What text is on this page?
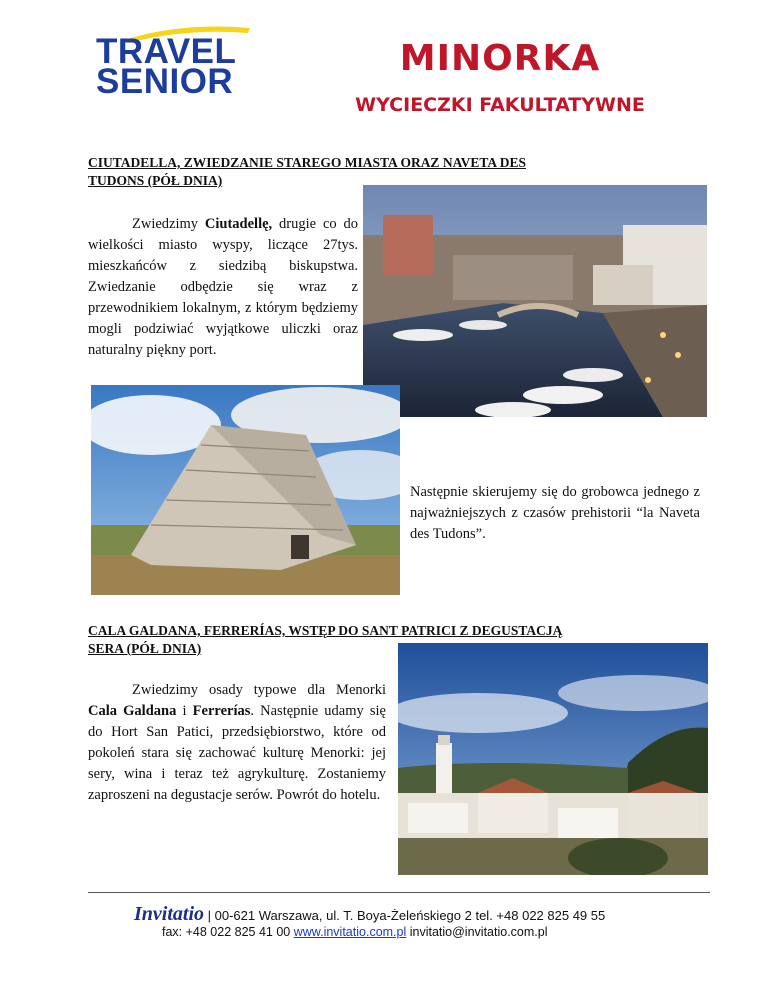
TRAVEL
SENIOR
MINORKA
WYCIECZKI FAKULTATYWNE
CIUTADELLA, ZWIEDZANIE STAREGO MIASTA ORAZ NAVETA DES
TUDONS (PÓŁ DNIA)
Zwiedzimy Ciutadellę, drugie co do wielkości miasto wyspy, liczące 27tys. mieszkańców z siedzibą biskupstwa. Zwiedzanie odbędzie się wraz z przewodnikiem lokalnym, z którym będziemy mogli podziwiać wyjątkowe uliczki oraz naturalny piękny port.
Następnie skierujemy się do grobowca jednego z najważniejszych z czasów prehistorii “la Naveta des Tudons”.
CALA GALDANA, FERRERÍAS, WSTĘP DO SANT PATRICI Z DEGUSTACJĄ
SERA (PÓŁ DNIA)
Zwiedzimy osady typowe dla Menorki Cala Galdana i Ferrerías. Następnie udamy się do Hort San Patici, przedsiębiorstwo, które od pokoleń stara się zachować kulturę Menorki: jej sery, wina i teraz też agrykulturę. Zostaniemy zaproszeni na degustacje serów. Powrót do hotelu.
Invitatio | 00-621 Warszawa, ul. T. Boya-Żeleńskiego 2 tel. +48 022 825 49 55
fax: +48 022 825 41 00 www.invitatio.com.pl invitatio@invitatio.com.pl
